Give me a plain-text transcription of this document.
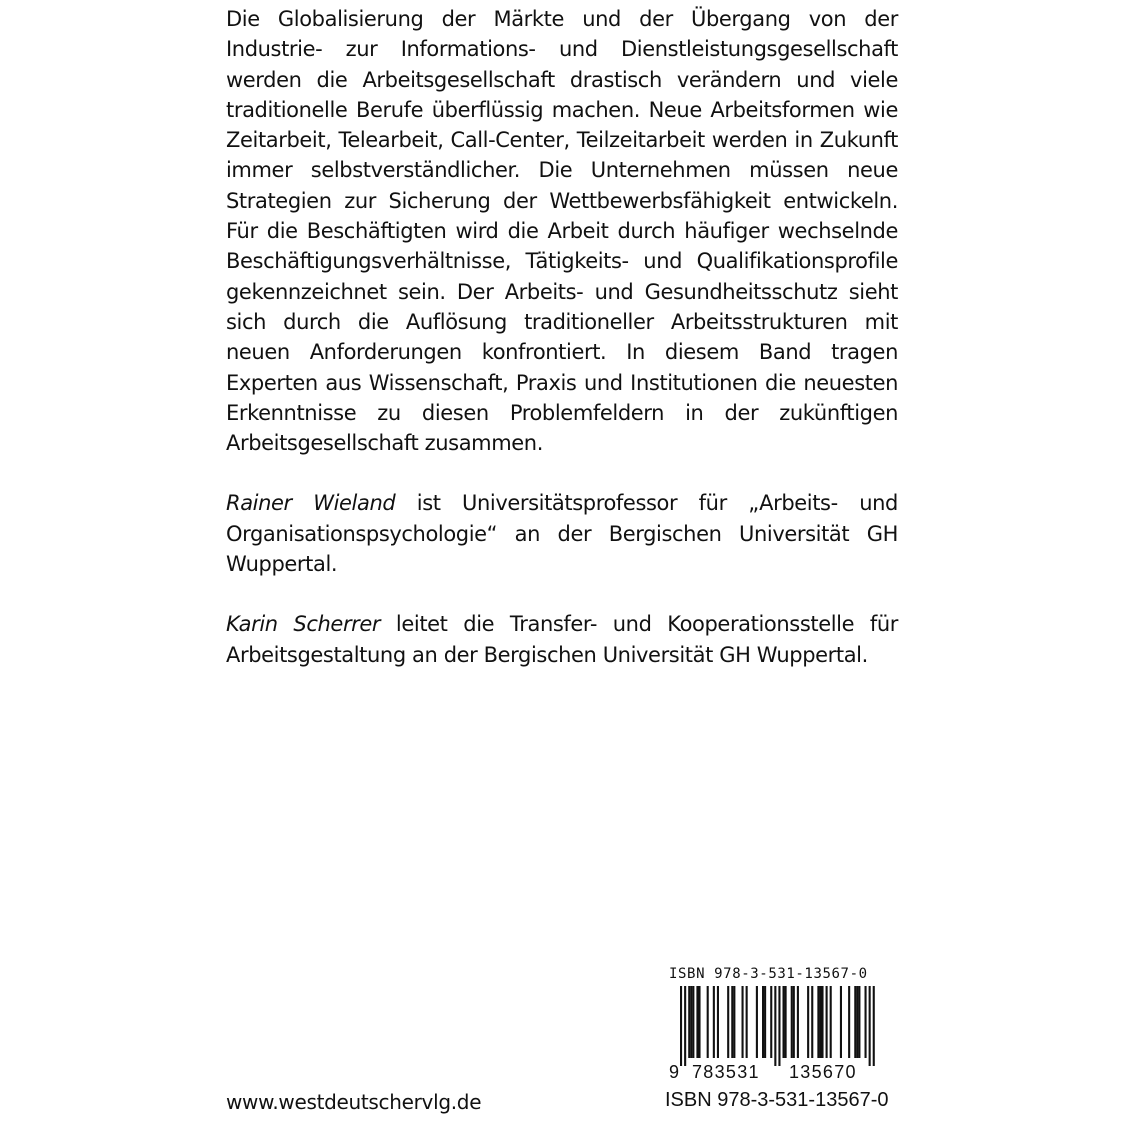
Die Globalisierung der Märkte und der Übergang von der Industrie- zur Informations- und Dienstleistungsgesellschaft werden die Arbeitsgesellschaft drastisch verändern und viele traditionelle Berufe überflüssig machen. Neue Arbeitsformen wie Zeitarbeit, Telearbeit, Call-Center, Teilzeitarbeit werden in Zukunft immer selbstverständlicher. Die Unternehmen müssen neue Strategien zur Sicherung der Wettbewerbsfähigkeit entwickeln. Für die Beschäftigten wird die Arbeit durch häufiger wechselnde Beschäftigungsverhältnisse, Tätigkeits- und Qualifikationsprofile gekennzeichnet sein. Der Arbeits- und Gesundheitsschutz sieht sich durch die Auflösung traditioneller Arbeitsstrukturen mit neuen Anforderungen konfrontiert. In diesem Band tragen Experten aus Wissenschaft, Praxis und Institutionen die neuesten Erkenntnisse zu diesen Problemfeldern in der zukünftigen Arbeitsgesellschaft zusammen.

Rainer Wieland ist Universitätsprofessor für „Arbeits- und Organisationspsychologie“ an der Bergischen Universität GH Wuppertal.

Karin Scherrer leitet die Transfer- und Kooperationsstelle für Arbeitsgestaltung an der Bergischen Universität GH Wuppertal.

www.westdeutschervlg.de
ISBN 978-3-531-13567-0
9 783531 135670
ISBN 978-3-531-13567-0
